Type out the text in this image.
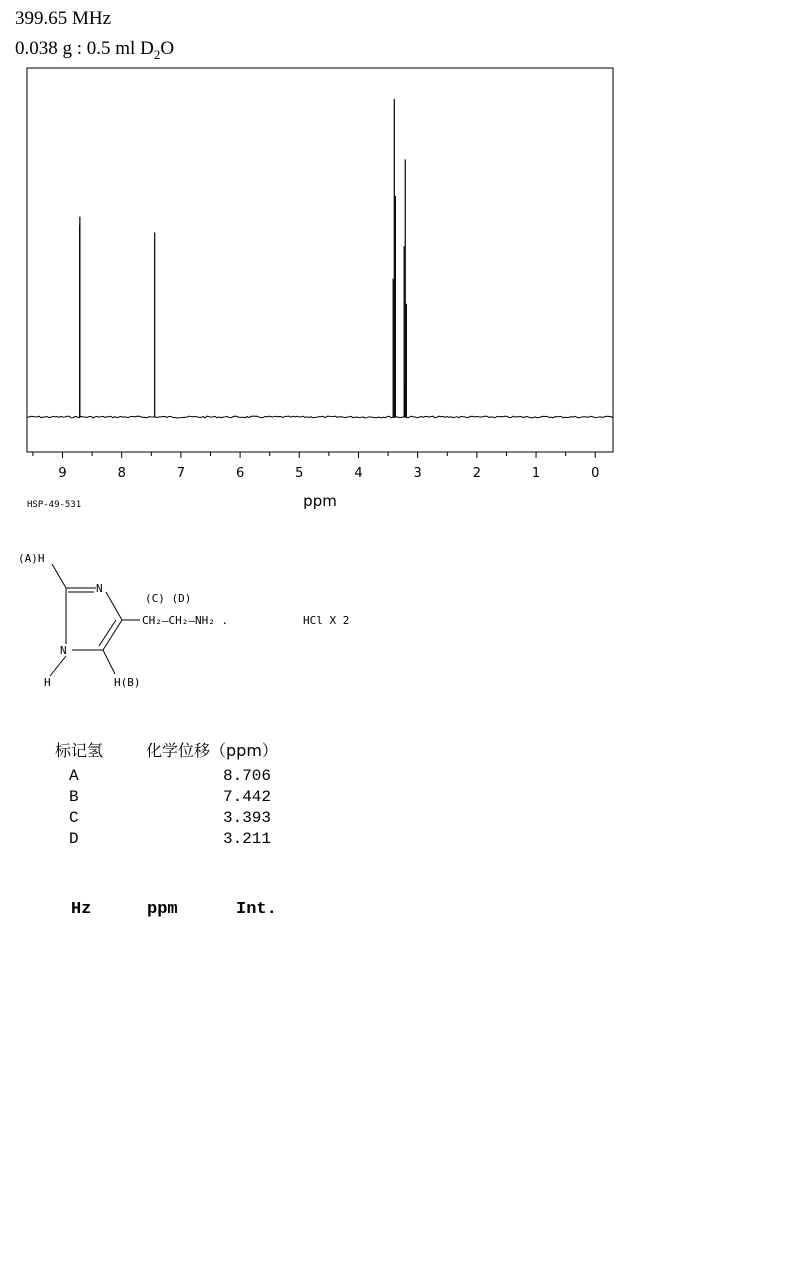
399.65 MHz
0.038 g : 0.5 ml $D_2O$
9	8	7	6	5	4	3	2	1	0
ppm
HSP-49-531
(A)H
N
(C) (D)
CH₂—CH₂—NH₂ .	HCl X 2
N
H	H(B)
标记氢	化学位移（ppm）
A	8.706
B	7.442
C	3.393
D	3.211
Hz	ppm	Int.
